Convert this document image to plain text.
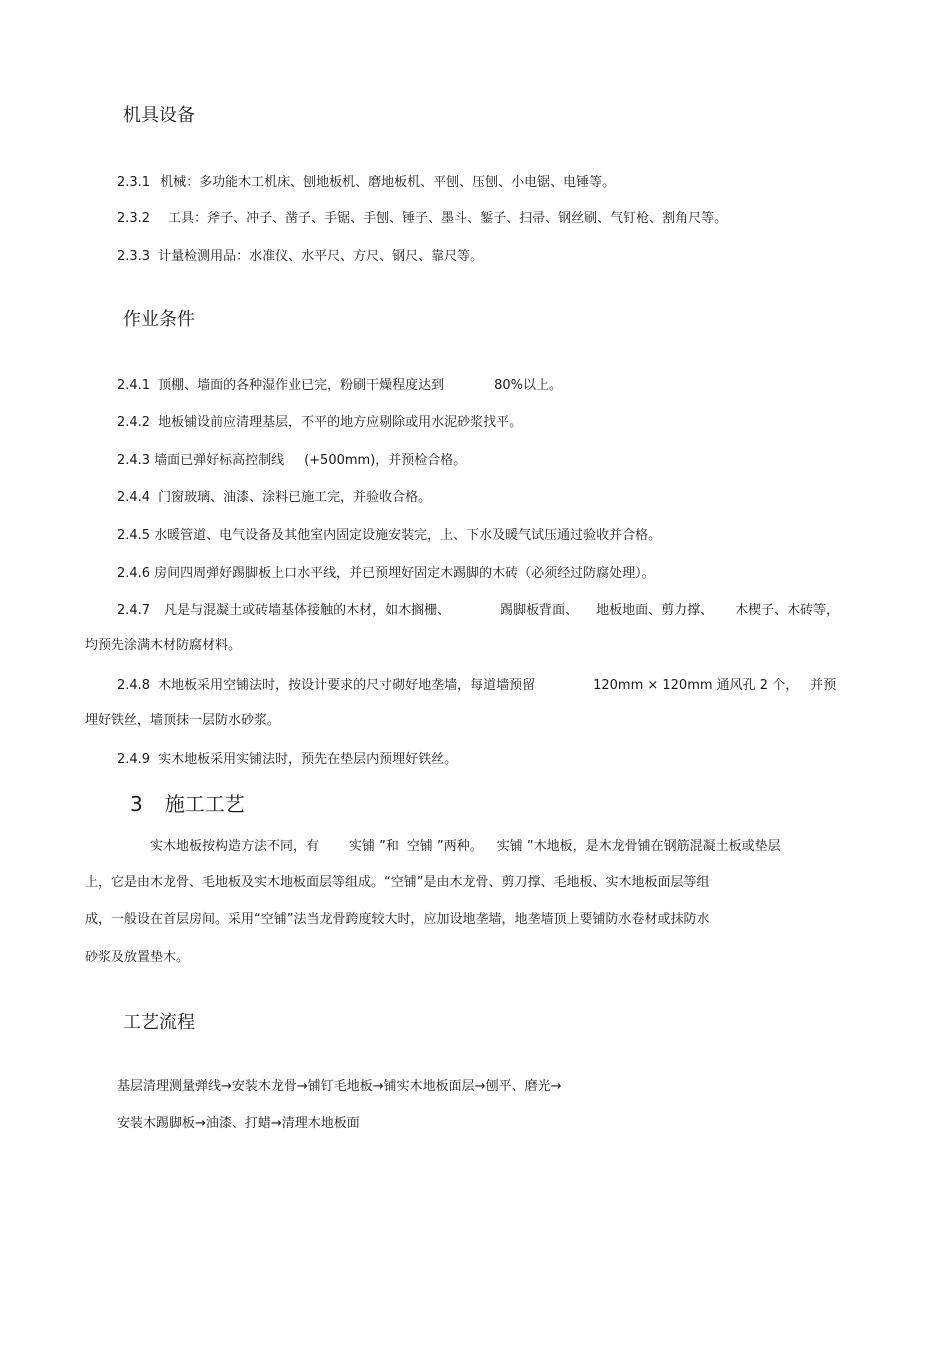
机具设备
2.3.1 机械：多功能木工机床、刨地板机、磨地板机、平刨、压刨、小电锯、电锤等。
2.3.2 工具：斧子、冲子、凿子、手锯、手刨、锤子、墨斗、錾子、扫帚、钢丝刷、气钉枪、割角尺等。
2.3.3 计量检测用品：水准仪、水平尺、方尺、钢尺、靠尺等。
作业条件
2.4.1 顶棚、墙面的各种湿作业已完，粉刷干燥程度达到	80%以上。
2.4.2 地板铺设前应清理基层，不平的地方应剔除或用水泥砂浆找平。
2.4.3 墙面已弹好标高控制线 (+500mm)，并预检合格。
2.4.4 门窗玻璃、油漆、涂料已施工完，并验收合格。
2.4.5 水暖管道、电气设备及其他室内固定设施安装完，上、下水及暖气试压通过验收并合格。
2.4.6 房间四周弹好踢脚板上口水平线，并已预埋好固定木踢脚的木砖（必须经过防腐处理）。
2.4.7 凡是与混凝土或砖墙基体接触的木材，如木搁栅、	踢脚板背面、 地板地面、剪力撑、 木楔子、木砖等，
均预先涂满木材防腐材料。
2.4.8 木地板采用空铺法时，按设计要求的尺寸砌好地垄墙，每道墙预留	120mm × 120mm 通风孔 2 个， 并预
埋好铁丝，墙顶抹一层防水砂浆。
2.4.9 实木地板采用实铺法时，预先在垫层内预埋好铁丝。
3 施工工艺
实木地板按构造方法不同，有 实铺 ”和 空铺 ”两种。 实铺 ”木地板，是木龙骨铺在钢筋混凝土板或垫层
上，它是由木龙骨、毛地板及实木地板面层等组成。“空铺”是由木龙骨、剪刀撑、毛地板、实木地板面层等组
成，一般设在首层房间。采用“空铺”法当龙骨跨度较大时，应加设地垄墙，地垄墙顶上要铺防水卷材或抹防水
砂浆及放置垫木。
工艺流程
基层清理测量弹线→安装木龙骨→铺钉毛地板→铺实木地板面层→刨平、磨光→
安装木踢脚板→油漆、打蜡→清理木地板面
